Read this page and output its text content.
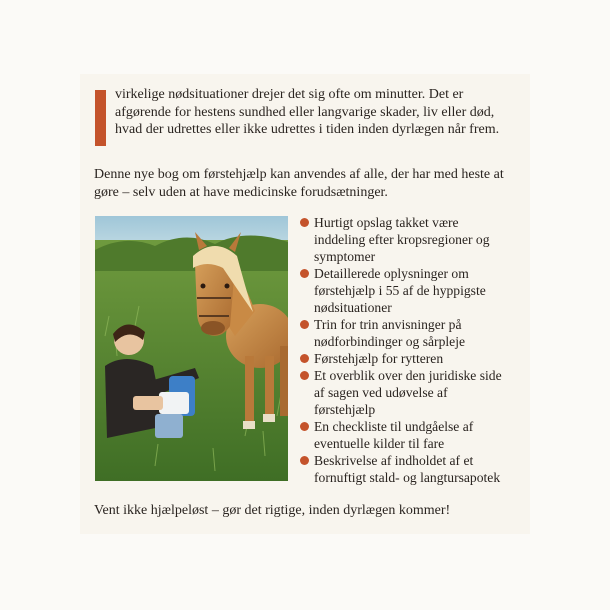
virkelige nødsituationer drejer det sig ofte om minutter. Det er afgørende for hestens sundhed eller langvarige skader, liv eller død, hvad der udrettes eller ikke udrettes i tiden inden dyrlægen når frem.

Denne nye bog om førstehjælp kan anvendes af alle, der har med heste at gøre – selv uden at have medicinske forudsætninger.

Hurtigt opslag takket være inddeling efter kropsregioner og symptomer
Detaillerede oplysninger om førstehjælp i 55 af de hyppigste nødsituationer
Trin for trin anvisninger på nødforbindinger og sårpleje
Førstehjælp for rytteren
Et overblik over den juridiske side af sagen ved udøvelse af førstehjælp
En checkliste til undgåelse af eventuelle kilder til fare
Beskrivelse af indholdet af et fornuftigt stald- og langtursapotek

Vent ikke hjælpeløst – gør det rigtige, inden dyrlægen kommer!
